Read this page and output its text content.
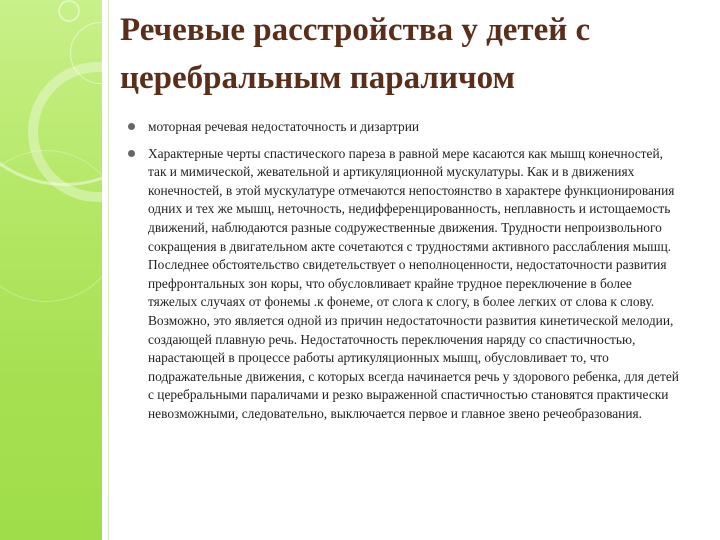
Речевые расстройства у детей с церебральным параличом
моторная речевая недостаточность и дизартрии
Характерные черты спастического пареза в равной мере касаются как мышц конечностей, так и мимической, жевательной и артикуляционной мускулатуры. Как и в движениях конечностей, в этой мускулатуре отмечаются непостоянство в характере функционирования одних и тех же мышц, неточность, недифференцированность, неплавность и истощаемость движений, наблюдаются разные содружественные движения. Трудности непроизвольного сокращения в двигательном акте сочетаются с трудностями активного расслабления мышц. Последнее обстоятельство свидетельствует о неполноценности, недостаточности развития префронтальных зон коры, что обусловливает крайне трудное переключение в более тяжелых случаях от фонемы .к фонеме, от слога к слогу, в более легких от слова к слову. Возможно, это является одной из причин недостаточности развития кинетической мелодии, создающей плавную речь. Недостаточность переключения наряду со спастичностью, нарастающей в процессе работы артикуляционных мышц, обусловливает то, что подражательные движения, с которых всегда начинается речь у здорового ребенка, для детей с церебральными параличами и резко выраженной спастичностью становятся практически невозможными, следовательно, выключается первое и главное звено речеобразования.
